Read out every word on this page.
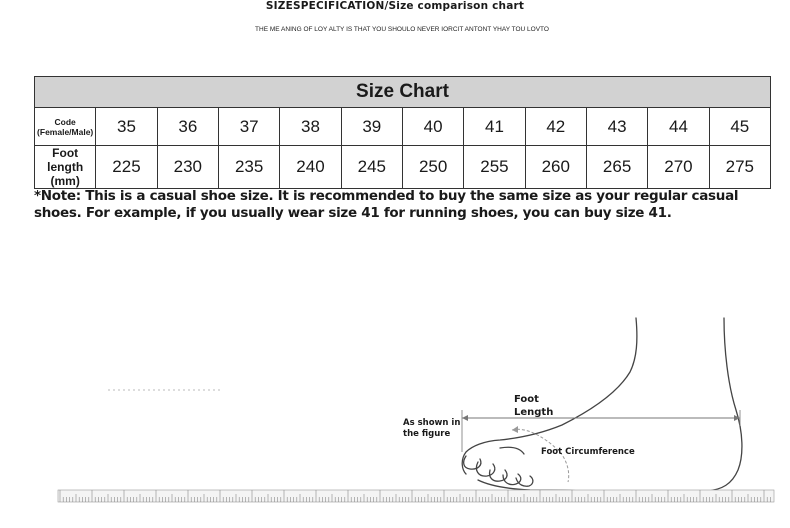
SIZESPECIFICATION/Size comparison chart
THE ME ANING OF LOY ALTY IS THAT YOU SHOULO NEVER IORCIT ANTONT YHAY TOU LOVTO
Size Chart											
Code (Female/Male)	35	36	37	38	39	40	41	42	43	44	45
Foot length (mm)	225	230	235	240	245	250	255	260	265	270	275
*Note: This is a casual shoe size. It is recommended to buy the same size as your regular casual shoes. For example, if you usually wear size 41 for running shoes, you can buy size 41.
Foot
Length
As shown in
the figure
Foot Circumference
